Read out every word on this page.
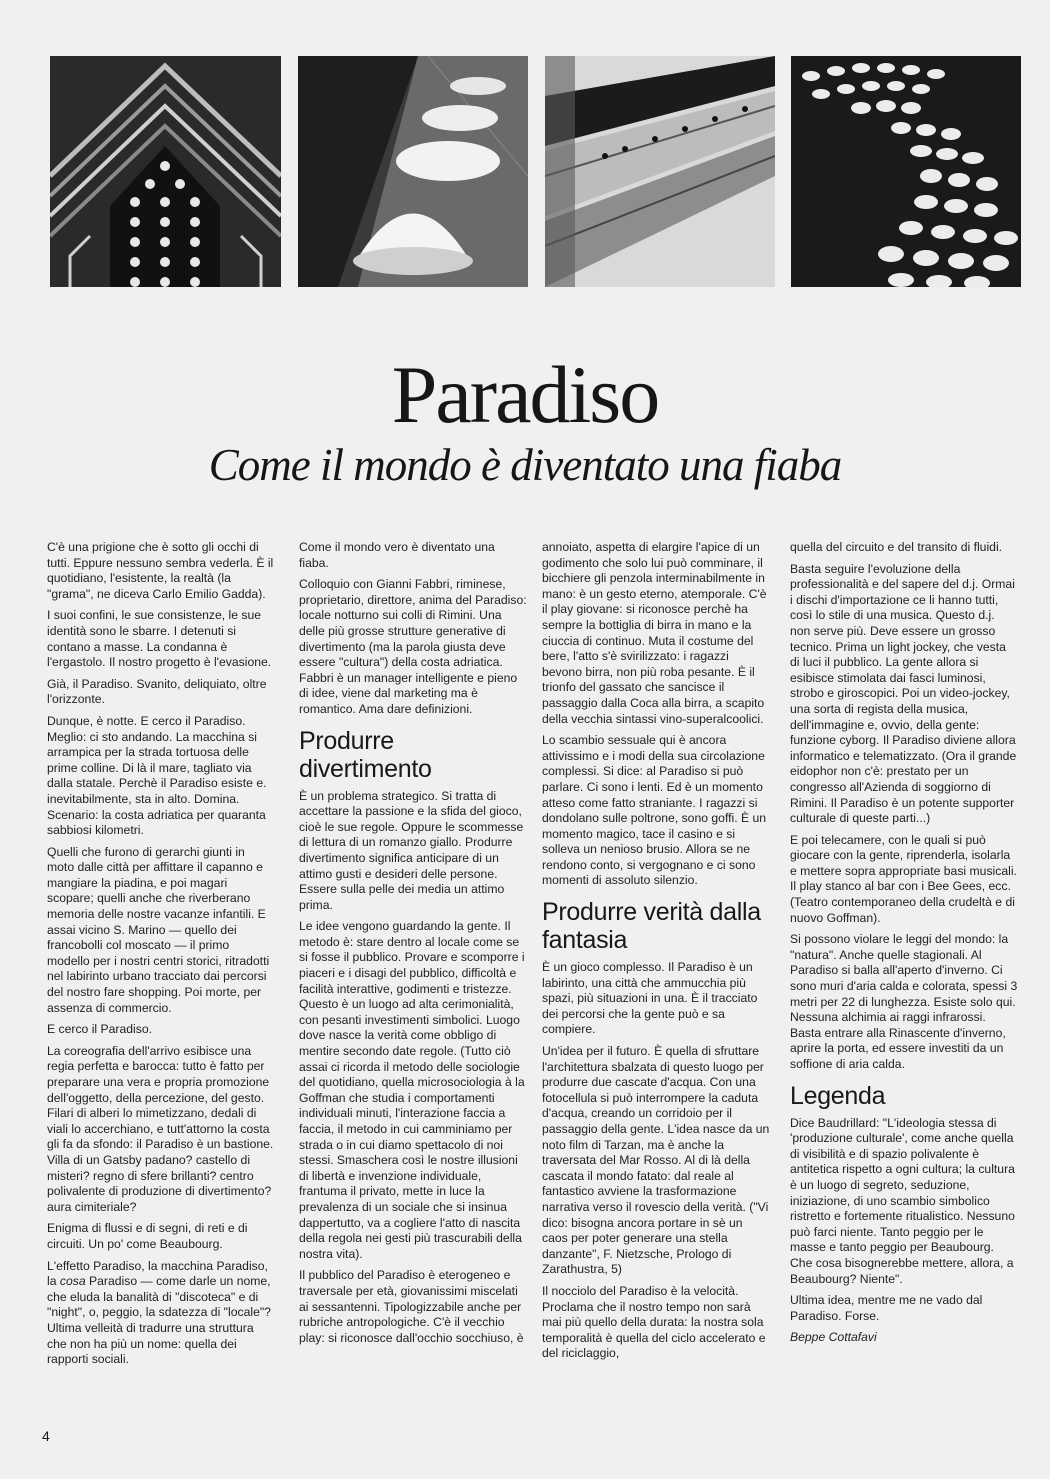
Paradiso
Come il mondo è diventato una fiaba

C'è una prigione che è sotto gli occhi di tutti. Eppure nessuno sembra vederla. È il quotidiano, l'esistente, la realtà (la "grama", ne diceva Carlo Emilio Gadda).

I suoi confini, le sue consistenze, le sue identità sono le sbarre. I detenuti si contano a masse. La condanna è l'ergastolo. Il nostro progetto è l'evasione.

Già, il Paradiso. Svanito, deliquiato, oltre l'orizzonte.

Dunque, è notte. E cerco il Paradiso. Meglio: ci sto andando. La macchina si arrampica per la strada tortuosa delle prime colline. Di là il mare, tagliato via dalla statale. Perchè il Paradiso esiste e. inevitabilmente, sta in alto. Domina. Scenario: la costa adriatica per quaranta sabbiosi kilometri.

Quelli che furono di gerarchi giunti in moto dalle città per affittare il capanno e mangiare la piadina, e poi magari scopare; quelli anche che riverberano memoria delle nostre vacanze infantili. E assai vicino S. Marino — quello dei francobolli col moscato — il primo modello per i nostri centri storici, ritradotti nel labirinto urbano tracciato dai percorsi del nostro fare shopping. Poi morte, per assenza di commercio.

E cerco il Paradiso.

La coreografia dell'arrivo esibisce una regia perfetta e barocca: tutto è fatto per preparare una vera e propria promozione dell'oggetto, della percezione, del gesto. Filari di alberi lo mimetizzano, dedali di viali lo accerchiano, e tutt'attorno la costa gli fa da sfondo: il Paradiso è un bastione. Villa di un Gatsby padano? castello di misteri? regno di sfere brillanti? centro polivalente di produzione di divertimento? aura cimiteriale?

Enigma di flussi e di segni, di reti e di circuiti. Un po' come Beaubourg.

L'effetto Paradiso, la macchina Paradiso, la cosa Paradiso — come darle un nome, che eluda la banalità di "discoteca" e di "night", o, peggio, la sdatezza di "locale"? Ultima velleità di tradurre una struttura che non ha più un nome: quella dei rapporti sociali.

Come il mondo vero è diventato una fiaba.

Colloquio con Gianni Fabbri, riminese, proprietario, direttore, anima del Paradiso: locale notturno sui colli di Rimini. Una delle più grosse strutture generative di divertimento (ma la parola giusta deve essere "cultura") della costa adriatica. Fabbri è un manager intelligente e pieno di idee, viene dal marketing ma è romantico. Ama dare definizioni.

Produrre divertimento

È un problema strategico. Si tratta di accettare la passione e la sfida del gioco, cioè le sue regole. Oppure le scommesse di lettura di un romanzo giallo. Produrre divertimento significa anticipare di un attimo gusti e desideri delle persone. Essere sulla pelle dei media un attimo prima.

Le idee vengono guardando la gente. Il metodo è: stare dentro al locale come se si fosse il pubblico. Provare e scomporre i piaceri e i disagi del pubblico, difficoltà e facilità interattive, godimenti e tristezze. Questo è un luogo ad alta cerimonialità, con pesanti investimenti simbolici. Luogo dove nasce la verità come obbligo di mentire secondo date regole. (Tutto ciò assai ci ricorda il metodo delle sociologie del quotidiano, quella microsociologia à la Goffman che studia i comportamenti individuali minuti, l'interazione faccia a faccia, il metodo in cui camminiamo per strada o in cui diamo spettacolo di noi stessi. Smaschera così le nostre illusioni di libertà e invenzione individuale, frantuma il privato, mette in luce la prevalenza di un sociale che si insinua dappertutto, va a cogliere l'atto di nascita della regola nei gesti più trascurabili della nostra vita).

Il pubblico del Paradiso è eterogeneo e traversale per età, giovanissimi miscelati ai sessantenni. Tipologizzabile anche per rubriche antropologiche. C'è il vecchio play: si riconosce dall'occhio socchiuso, è

annoiato, aspetta di elargire l'apice di un godimento che solo lui può comminare, il bicchiere gli penzola interminabilmente in mano: è un gesto eterno, atemporale. C'è il play giovane: si riconosce perchè ha sempre la bottiglia di birra in mano e la ciuccia di continuo. Muta il costume del bere, l'atto s'è svirilizzato: i ragazzi bevono birra, non più roba pesante. È il trionfo del gassato che sancisce il passaggio dalla Coca alla birra, a scapito della vecchia sintassi vino-superalcoolici.

Lo scambio sessuale qui è ancora attivissimo e i modi della sua circolazione complessi. Si dice: al Paradiso si può parlare. Ci sono i lenti. Ed è un momento atteso come fatto straniante. I ragazzi si dondolano sulle poltrone, sono goffi. È un momento magico, tace il casino e si solleva un nenioso brusio. Allora se ne rendono conto, si vergognano e ci sono momenti di assoluto silenzio.

Produrre verità dalla fantasia

È un gioco complesso. Il Paradiso è un labirinto, una città che ammucchia più spazi, più situazioni in una. È il tracciato dei percorsi che la gente può e sa compiere.

Un'idea per il futuro. È quella di sfruttare l'architettura sbalzata di questo luogo per produrre due cascate d'acqua. Con una fotocellula si può interrompere la caduta d'acqua, creando un corridoio per il passaggio della gente. L'idea nasce da un noto film di Tarzan, ma è anche la traversata del Mar Rosso. Al di là della cascata il mondo fatato: dal reale al fantastico avviene la trasformazione narrativa verso il rovescio della verità. ("Vi dico: bisogna ancora portare in sè un caos per poter generare una stella danzante", F. Nietzsche, Prologo di Zarathustra, 5)

Il nocciolo del Paradiso è la velocità. Proclama che il nostro tempo non sarà mai più quello della durata: la nostra sola temporalità è quella del ciclo accelerato e del riciclaggio,

quella del circuito e del transito di fluidi.

Basta seguire l'evoluzione della professionalità e del sapere del d.j. Ormai i dischi d'importazione ce li hanno tutti, così lo stile di una musica. Questo d.j. non serve più. Deve essere un grosso tecnico. Prima un light jockey, che vesta di luci il pubblico. La gente allora si esibisce stimolata dai fasci luminosi, strobo e giroscopici. Poi un video-jockey, una sorta di regista della musica, dell'immagine e, ovvio, della gente: funzione cyborg. Il Paradiso diviene allora informatico e telematizzato. (Ora il grande eidophor non c'è: prestato per un congresso all'Azienda di soggiorno di Rimini. Il Paradiso è un potente supporter culturale di queste parti...)

E poi telecamere, con le quali si può giocare con la gente, riprenderla, isolarla e mettere sopra appropriate basi musicali. Il play stanco al bar con i Bee Gees, ecc. (Teatro contemporaneo della crudeltà e di nuovo Goffman).

Si possono violare le leggi del mondo: la "natura". Anche quelle stagionali. Al Paradiso si balla all'aperto d'inverno. Ci sono muri d'aria calda e colorata, spessi 3 metri per 22 di lunghezza. Esiste solo qui. Nessuna alchimia ai raggi infrarossi. Basta entrare alla Rinascente d'inverno, aprire la porta, ed essere investiti da un soffione di aria calda.

Legenda

Dice Baudrillard: "L'ideologia stessa di 'produzione culturale', come anche quella di visibilità e di spazio polivalente è antitetica rispetto a ogni cultura; la cultura è un luogo di segreto, seduzione, iniziazione, di uno scambio simbolico ristretto e fortemente ritualistico. Nessuno può farci niente. Tanto peggio per le masse e tanto peggio per Beaubourg. Che cosa bisognerebbe mettere, allora, a Beaubourg? Niente".

Ultima idea, mentre me ne vado dal Paradiso. Forse.

Beppe Cottafavi

4
